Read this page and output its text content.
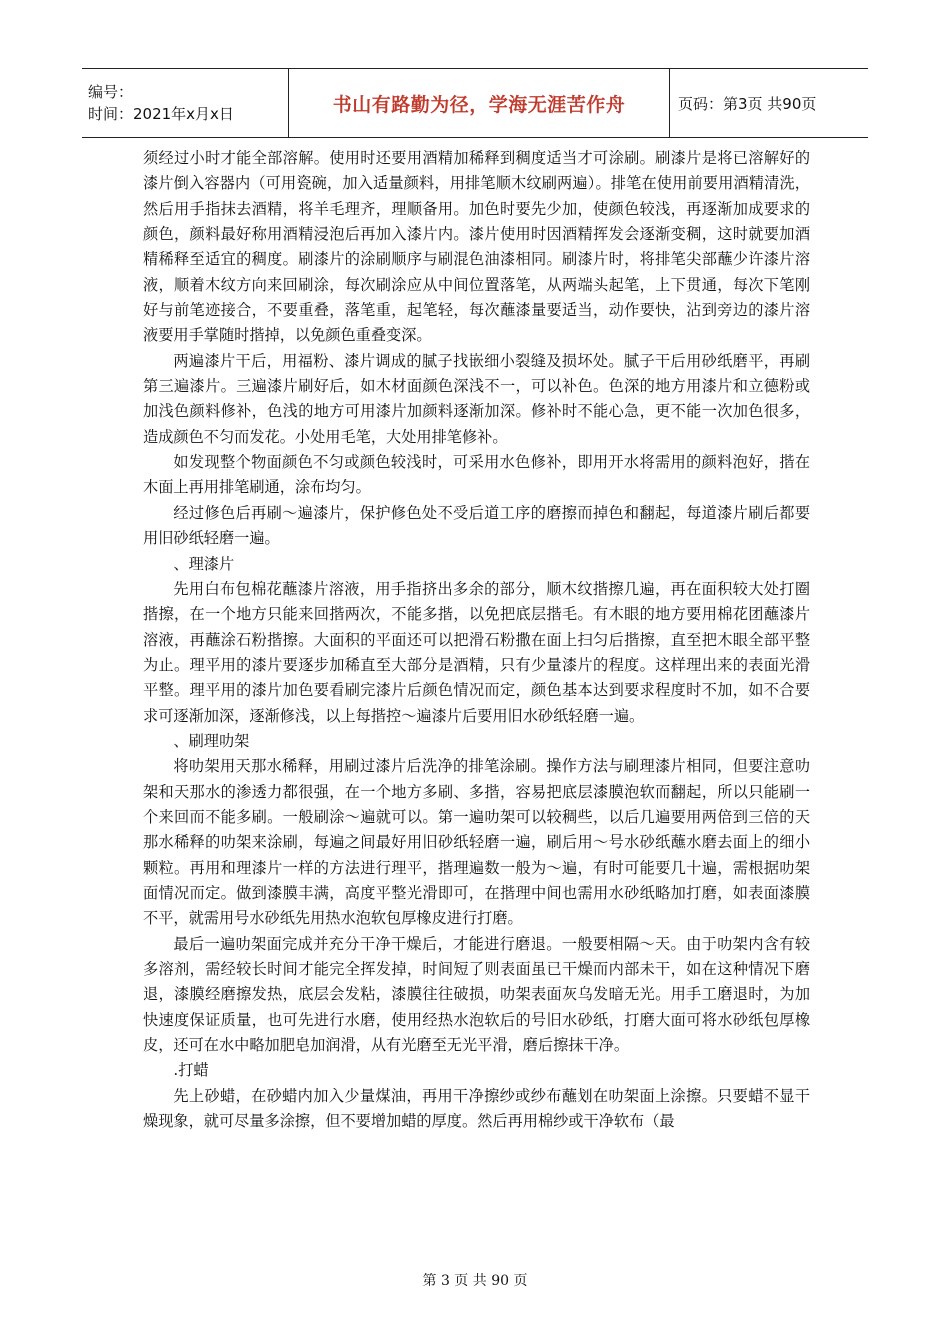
编号：
时间：2021年x月x日	书山有路勤为径，学海无涯苦作舟	页码：第3页 共90页

须经过小时才能全部溶解。使用时还要用酒精加稀释到稠度适当才可涂刷。刷漆片是将已溶解好的漆片倒入容器内（可用瓷碗，加入适量颜料，用排笔顺木纹刷两遍）。排笔在使用前要用酒精清洗，然后用手指抹去酒精，将羊毛理齐，理顺备用。加色时要先少加，使颜色较浅，再逐渐加成要求的颜色，颜料最好称用酒精浸泡后再加入漆片内。漆片使用时因酒精挥发会逐渐变稠，这时就要加酒精稀释至适宜的稠度。刷漆片的涂刷顺序与刷混色油漆相同。刷漆片时，将排笔尖部蘸少许漆片溶液，顺着木纹方向来回刷涂，每次刷涂应从中间位置落笔，从两端头起笔，上下贯通，每次下笔刚好与前笔迹接合，不要重叠，落笔重，起笔轻，每次蘸漆量要适当，动作要快，沾到旁边的漆片溶液要用手掌随时揩掉，以免颜色重叠变深。

两遍漆片干后，用福粉、漆片调成的腻子找嵌细小裂缝及损坏处。腻子干后用砂纸磨平，再刷第三遍漆片。三遍漆片刷好后，如木材面颜色深浅不一，可以补色。色深的地方用漆片和立德粉或加浅色颜料修补，色浅的地方可用漆片加颜料逐渐加深。修补时不能心急，更不能一次加色很多，造成颜色不匀而发花。小处用毛笔，大处用排笔修补。

如发现整个物面颜色不匀或颜色较浅时，可采用水色修补，即用开水将需用的颜料泡好，揩在木面上再用排笔刷通，涂布均匀。

经过修色后再刷～遍漆片，保护修色处不受后道工序的磨擦而掉色和翻起，每道漆片刷后都要用旧砂纸轻磨一遍。

、理漆片

先用白布包棉花蘸漆片溶液，用手指挤出多余的部分，顺木纹揩擦几遍，再在面积较大处打圈揩擦，在一个地方只能来回揩两次，不能多揩，以免把底层揩毛。有木眼的地方要用棉花团蘸漆片溶液，再蘸涂石粉揩擦。大面积的平面还可以把滑石粉撒在面上扫匀后揩擦，直至把木眼全部平整为止。理平用的漆片要逐步加稀直至大部分是酒精，只有少量漆片的程度。这样理出来的表面光滑平整。理平用的漆片加色要看刷完漆片后颜色情况而定，颜色基本达到要求程度时不加，如不合要求可逐渐加深，逐渐修浅，以上每揩控～遍漆片后要用旧水砂纸轻磨一遍。

、刷理叻架

将叻架用天那水稀释，用刷过漆片后洗净的排笔涂刷。操作方法与刷理漆片相同，但要注意叻架和天那水的渗透力都很强，在一个地方多刷、多揩，容易把底层漆膜泡软而翻起，所以只能刷一个来回而不能多刷。一般刷涂～遍就可以。第一遍叻架可以较稠些，以后几遍要用两倍到三倍的天那水稀释的叻架来涂刷，每遍之间最好用旧砂纸轻磨一遍，刷后用～号水砂纸蘸水磨去面上的细小颗粒。再用和理漆片一样的方法进行理平，揩理遍数一般为～遍，有时可能要几十遍，需根据叻架面情况而定。做到漆膜丰满，高度平整光滑即可，在揩理中间也需用水砂纸略加打磨，如表面漆膜不平，就需用号水砂纸先用热水泡软包厚橡皮进行打磨。

最后一遍叻架面完成并充分干净干燥后，才能进行磨退。一般要相隔～天。由于叻架内含有较多溶剂，需经较长时间才能完全挥发掉，时间短了则表面虽已干燥而内部未干，如在这种情况下磨退，漆膜经磨擦发热，底层会发粘，漆膜往往破损，叻架表面灰乌发暗无光。用手工磨退时，为加快速度保证质量，也可先进行水磨，使用经热水泡软后的号旧水砂纸，打磨大面可将水砂纸包厚橡皮，还可在水中略加肥皂加润滑，从有光磨至无光平滑，磨后擦抹干净。

.打蜡

先上砂蜡，在砂蜡内加入少量煤油，再用干净擦纱或纱布蘸划在叻架面上涂擦。只要蜡不显干燥现象，就可尽量多涂擦，但不要增加蜡的厚度。然后再用棉纱或干净软布（最

第 3 页 共 90 页
